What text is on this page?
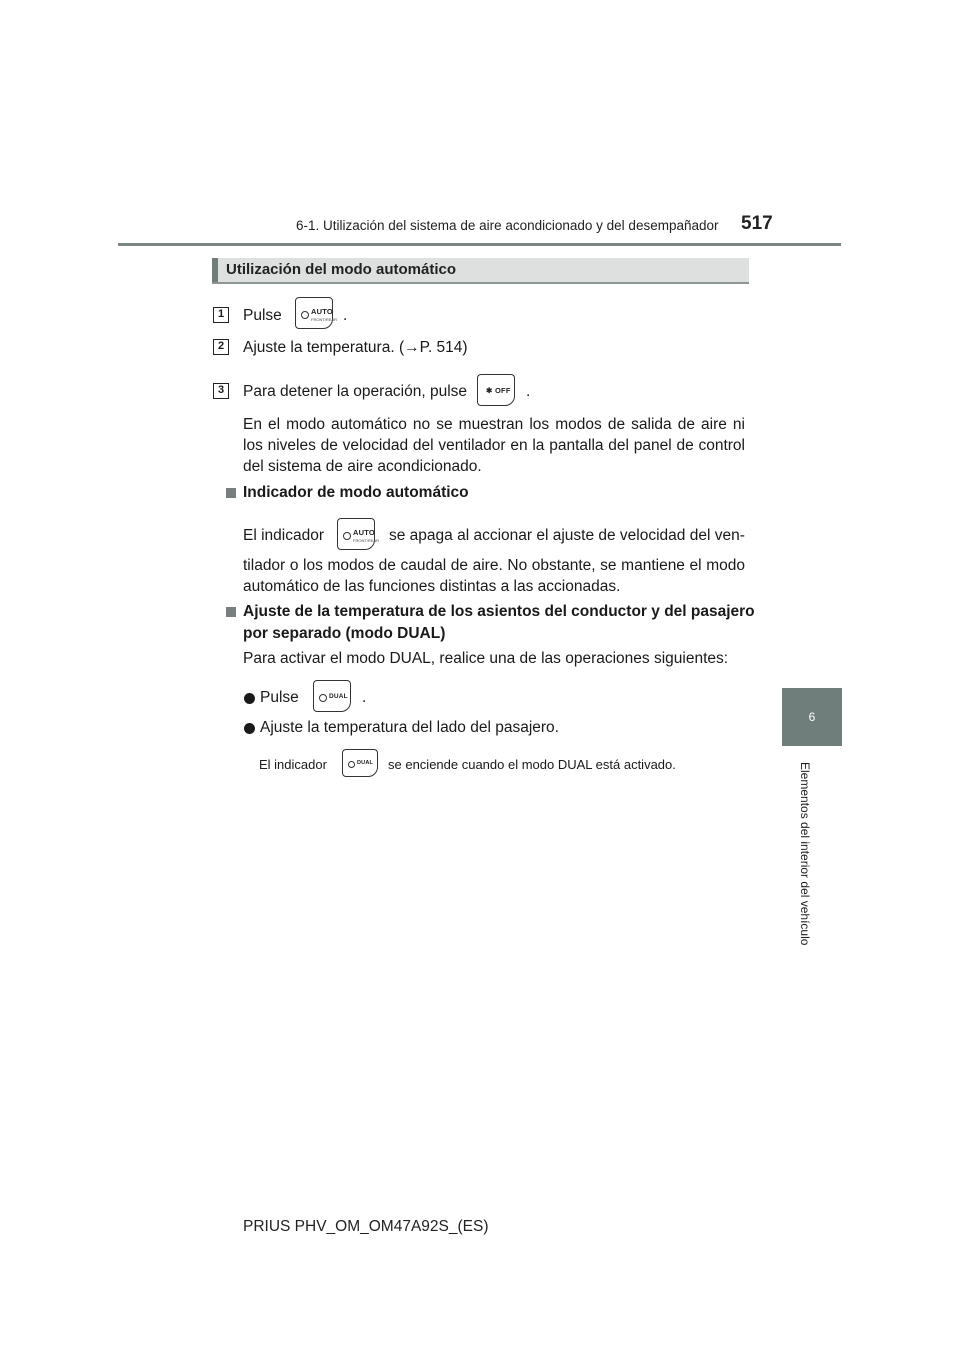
6-1. Utilización del sistema de aire acondicionado y del desempañador 517
6
Elementos del interior del vehículo
Utilización del modo automático
1	Pulse	AUTO
FRONT/REAR .
2	Ajuste la temperatura. (→P. 514)
3	Para detener la operación, pulse	✱ OFF .
En el modo automático no se muestran los modos de salida de aire ni los niveles de velocidad del ventilador en la pantalla del panel de control del sistema de aire acondicionado.
Indicador de modo automático
El indicador	AUTO
FRONT/REAR se apaga al accionar el ajuste de velocidad del ven-
tilador o los modos de caudal de aire. No obstante, se mantiene el modo automático de las funciones distintas a las accionadas.
Ajuste de la temperatura de los asientos del conductor y del pasajero
por separado (modo DUAL)
Para activar el modo DUAL, realice una de las operaciones siguientes:
Pulse	DUAL .
Ajuste la temperatura del lado del pasajero.
El indicador	DUAL se enciende cuando el modo DUAL está activado.
PRIUS PHV_OM_OM47A92S_(ES)
